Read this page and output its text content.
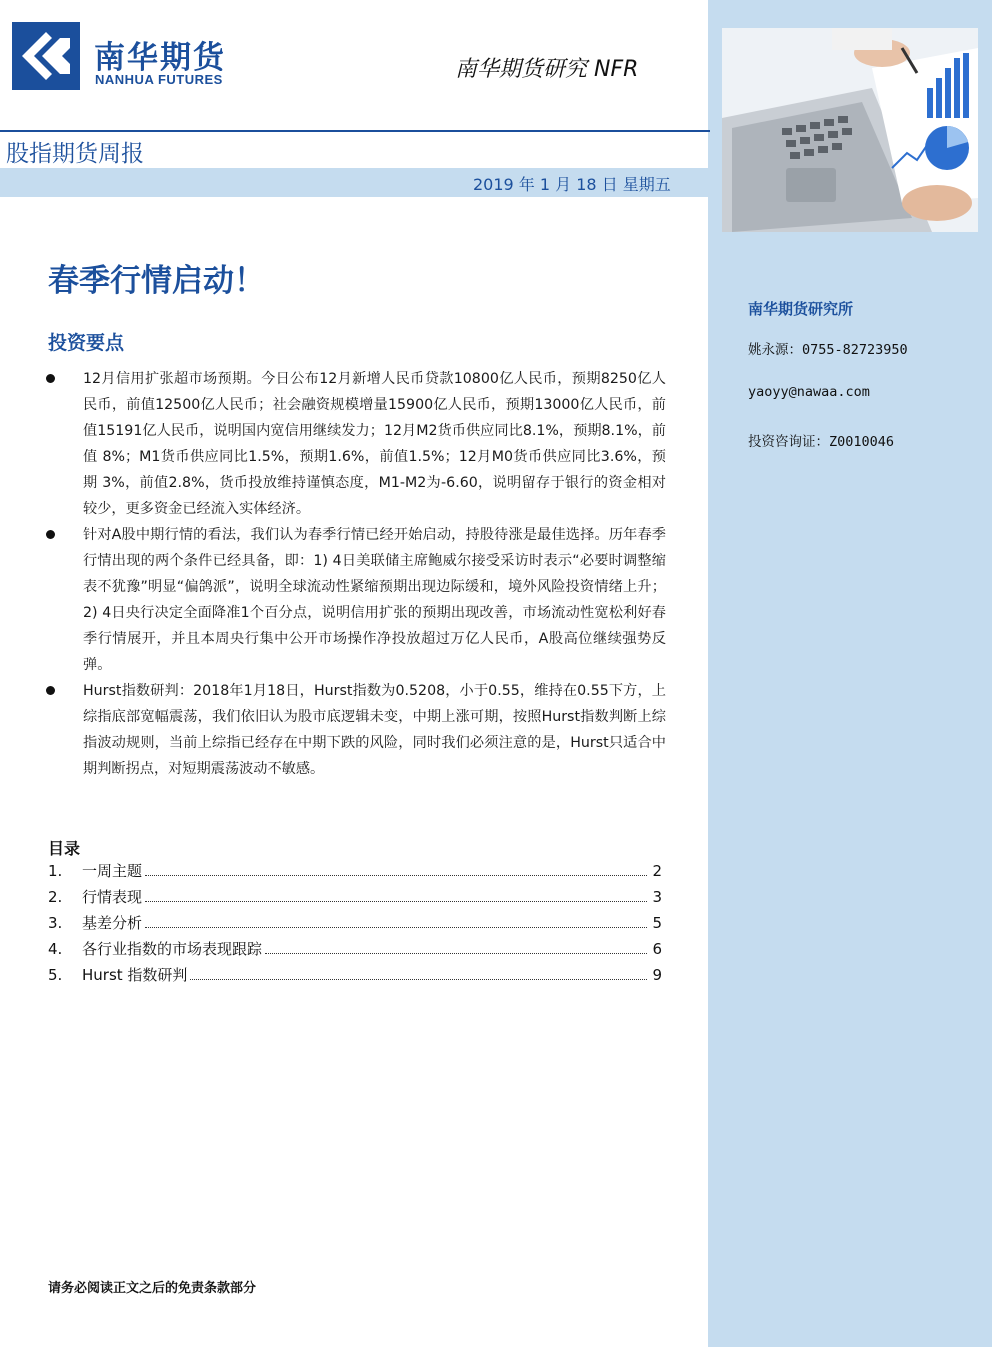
南华期货
NANHUA FUTURES	南华期货研究 NFR
股指期货周报
2019 年 1 月 18 日 星期五
春季行情启动！
投资要点
12月信用扩张超市场预期。今日公布12月新增人民币贷款10800亿人民币，预期8250亿人民币，前值12500亿人民币；社会融资规模增量15900亿人民币，预期13000亿人民币，前值15191亿人民币，说明国内宽信用继续发力；12月M2货币供应同比8.1%，预期8.1%，前值 8%；M1货币供应同比1.5%，预期1.6%，前值1.5%；12月M0货币供应同比3.6%，预期 3%，前值2.8%，货币投放维持谨慎态度，M1-M2为-6.60，说明留存于银行的资金相对较少，更多资金已经流入实体经济。
针对A股中期行情的看法，我们认为春季行情已经开始启动，持股待涨是最佳选择。历年春季行情出现的两个条件已经具备，即：1) 4日美联储主席鲍威尔接受采访时表示“必要时调整缩表不犹豫”明显“偏鸽派”，说明全球流动性紧缩预期出现边际缓和，境外风险投资情绪上升；2) 4日央行决定全面降准1个百分点，说明信用扩张的预期出现改善，市场流动性宽松利好春季行情展开，并且本周央行集中公开市场操作净投放超过万亿人民币，A股高位继续强势反弹。
Hurst指数研判：2018年1月18日，Hurst指数为0.5208，小于0.55，维持在0.55下方，上综指底部宽幅震荡，我们依旧认为股市底逻辑未变，中期上涨可期，按照Hurst指数判断上综指波动规则，当前上综指已经存在中期下跌的风险，同时我们必须注意的是，Hurst只适合中期判断拐点，对短期震荡波动不敏感。
目录
1.	一周主题	2
2.	行情表现	3
3.	基差分析	5
4.	各行业指数的市场表现跟踪	6
5.	Hurst 指数研判	9
南华期货研究所
姚永源：0755-82723950
yaoyy@nawaa.com
投资咨询证：Z0010046
请务必阅读正文之后的免责条款部分
